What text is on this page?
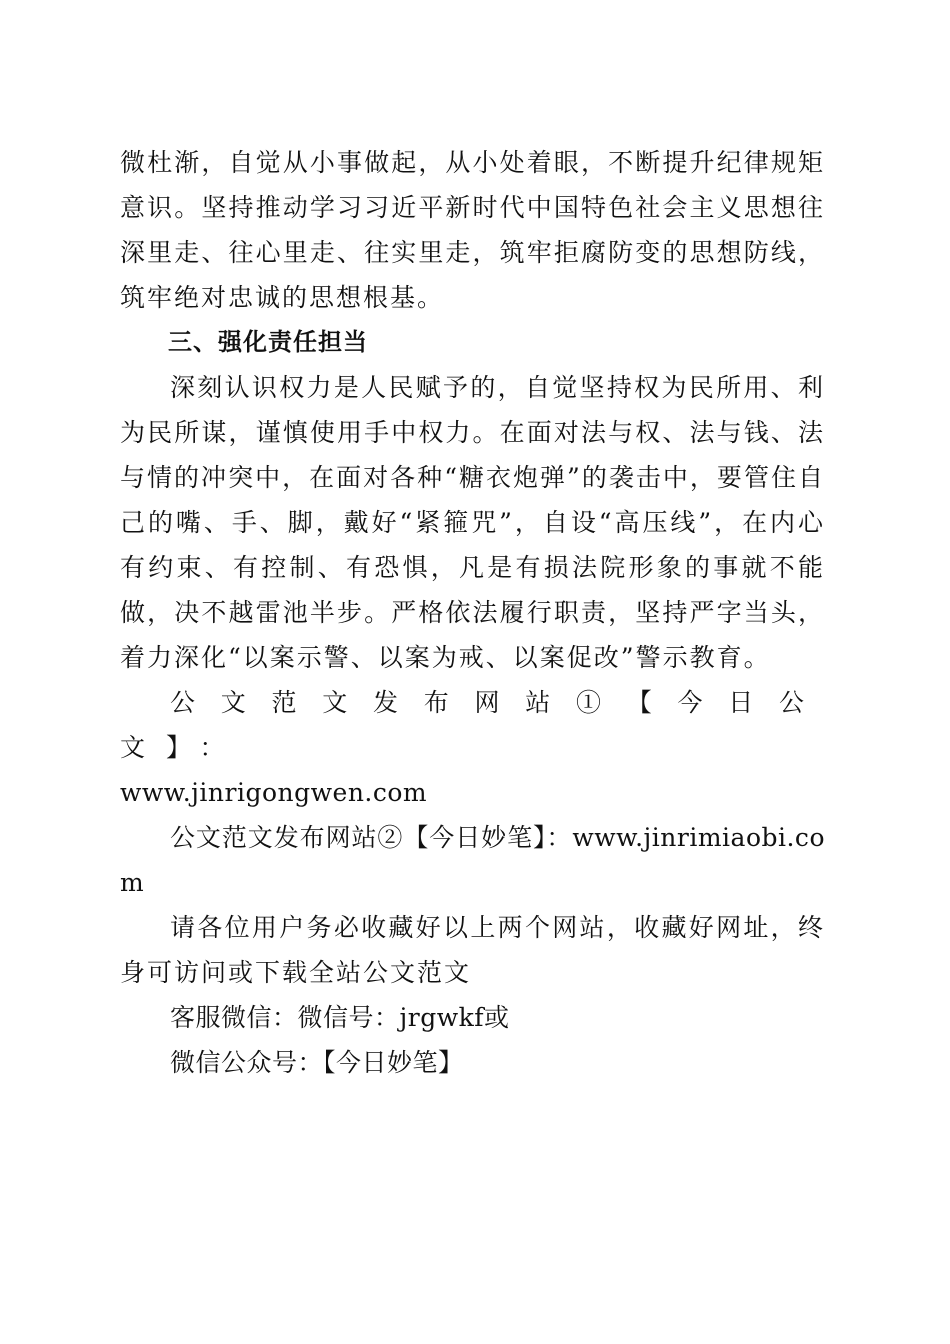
微杜渐，自觉从小事做起，从小处着眼，不断提升纪律规矩意识。坚持推动学习习近平新时代中国特色社会主义思想往深里走、往心里走、往实里走，筑牢拒腐防变的思想防线，筑牢绝对忠诚的思想根基。

三、强化责任担当

深刻认识权力是人民赋予的，自觉坚持权为民所用、利为民所谋，谨慎使用手中权力。在面对法与权、法与钱、法与情的冲突中，在面对各种“糖衣炮弹”的袭击中，要管住自己的嘴、手、脚，戴好“紧箍咒”，自设“高压线”，在内心有约束、有控制、有恐惧，凡是有损法院形象的事就不能做，决不越雷池半步。严格依法履行职责，坚持严字当头，着力深化“以案示警、以案为戒、以案促改”警示教育。

公文范文发布网站①【今日公文】：

www.jinrigongwen.com

公文范文发布网站②【今日妙笔】：www.jinrimiaobi.com

请各位用户务必收藏好以上两个网站，收藏好网址，终身可访问或下载全站公文范文

客服微信：微信号：jrgwkf或

微信公众号：【今日妙笔】
